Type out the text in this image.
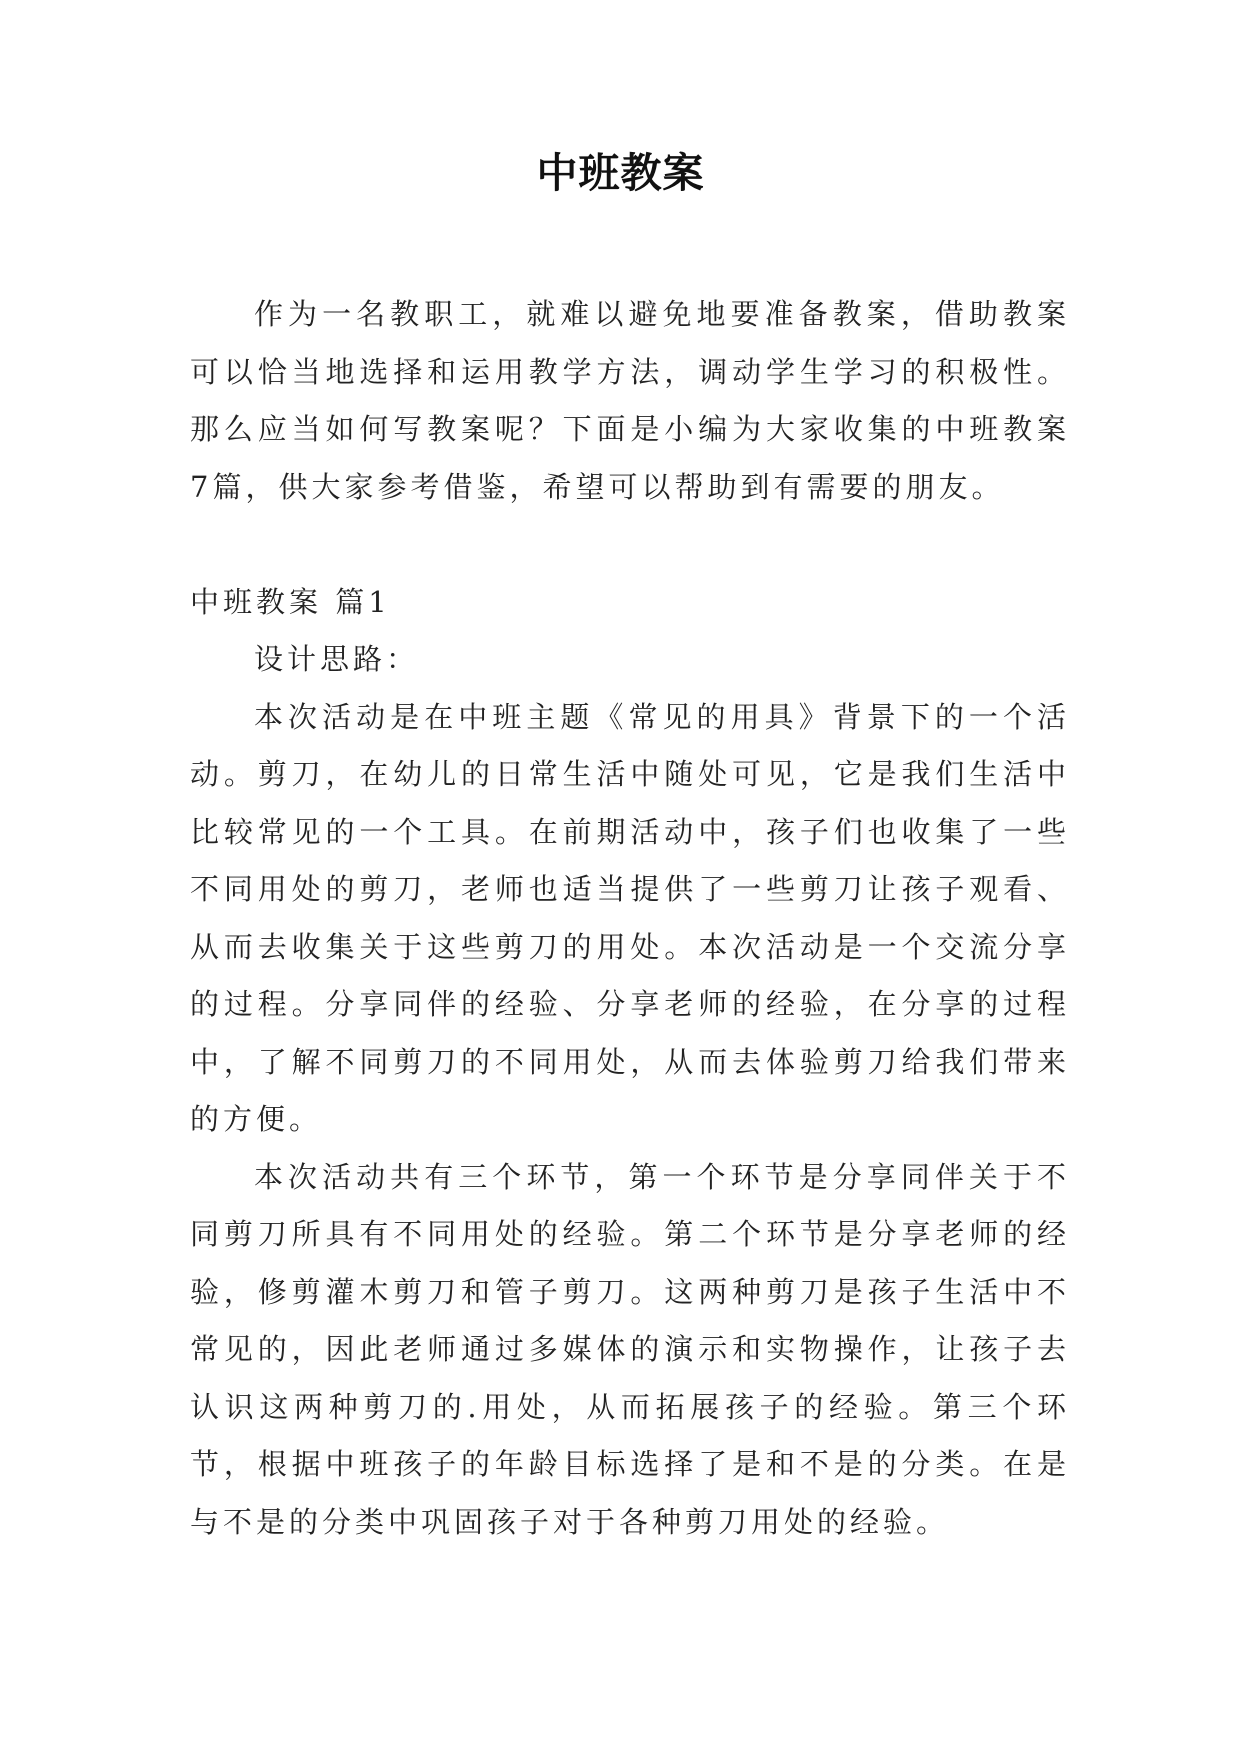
中班教案

作为一名教职工，就难以避免地要准备教案，借助教案可以恰当地选择和运用教学方法，调动学生学习的积极性。那么应当如何写教案呢？下面是小编为大家收集的中班教案7篇，供大家参考借鉴，希望可以帮助到有需要的朋友。

中班教案 篇1

设计思路：

本次活动是在中班主题《常见的用具》背景下的一个活动。剪刀，在幼儿的日常生活中随处可见，它是我们生活中比较常见的一个工具。在前期活动中，孩子们也收集了一些不同用处的剪刀，老师也适当提供了一些剪刀让孩子观看、从而去收集关于这些剪刀的用处。本次活动是一个交流分享的过程。分享同伴的经验、分享老师的经验，在分享的过程中，了解不同剪刀的不同用处，从而去体验剪刀给我们带来的方便。

本次活动共有三个环节，第一个环节是分享同伴关于不同剪刀所具有不同用处的经验。第二个环节是分享老师的经验，修剪灌木剪刀和管子剪刀。这两种剪刀是孩子生活中不常见的，因此老师通过多媒体的演示和实物操作，让孩子去认识这两种剪刀的.用处，从而拓展孩子的经验。第三个环节，根据中班孩子的年龄目标选择了是和不是的分类。在是与不是的分类中巩固孩子对于各种剪刀用处的经验。
